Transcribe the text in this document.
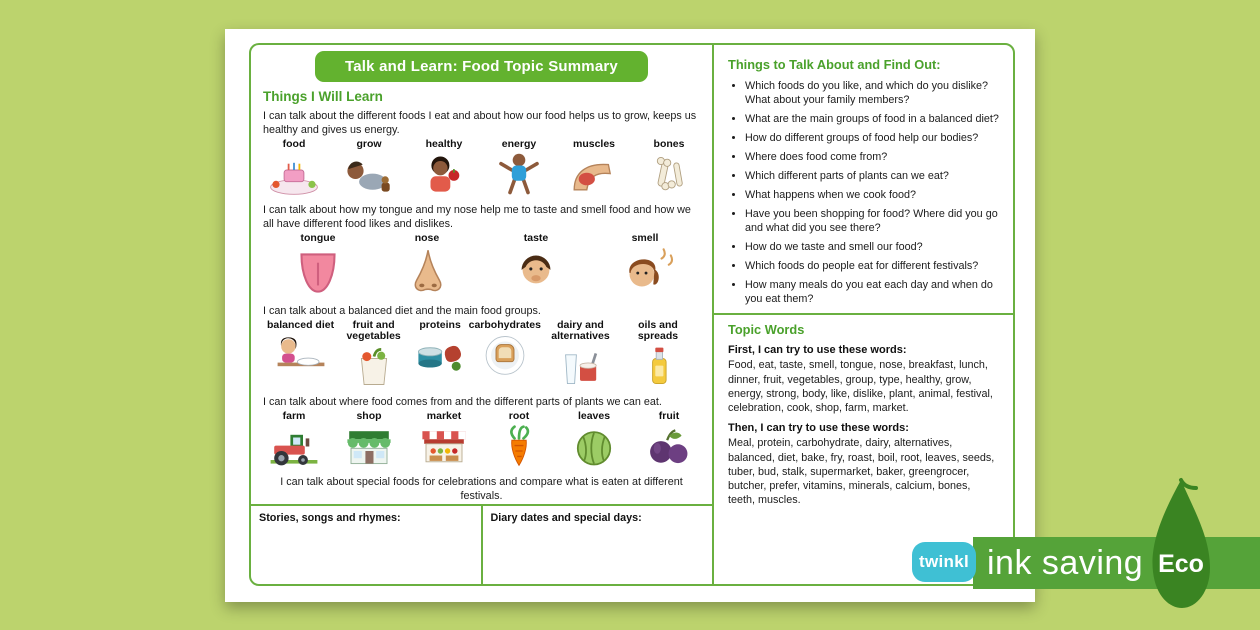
Talk and Learn: Food Topic Summary
Things I Will Learn

I can talk about the different foods I eat and about how our food helps us to grow, keeps us healthy and gives us energy.

food	grow	healthy	energy	muscles	bones

I can talk about how my tongue and my nose help me to taste and smell food and how we all have different food likes and dislikes.

tongue	nose	taste	smell

I can talk about a balanced diet and the main food groups.

balanced diet	fruit and vegetables
proteins carbohydrates	dairy and alternatives
oils and spreads

I can talk about where food comes from and the different parts of plants we can eat.

farm	shop	market	root	leaves	fruit

I can talk about special foods for celebrations and compare what is eaten at different festivals.

Stories, songs and rhymes:	Diary dates and special days:
Things to Talk About and Find Out:
• Which foods do you like, and which do you dislike? What about your family members?
• What are the main groups of food in a balanced diet?
• How do different groups of food help our bodies?
• Where does food come from?
• Which different parts of plants can we eat?
• What happens when we cook food?
• Have you been shopping for food? Where did you go and what did you see there?
• How do we taste and smell our food?
• Which foods do people eat for different festivals?
• How many meals do you eat each day and when do you eat them?
Topic Words

First, I can try to use these words:

Food, eat, taste, smell, tongue, nose, breakfast, lunch, dinner, fruit, vegetables, group, type, healthy, grow, energy, strong, body, like, dislike, plant, animal, festival, celebration, cook, shop, farm, market.

Then, I can try to use these words:

Meal, protein, carbohydrate, dairy, alternatives, balanced, diet, bake, fry, roast, boil, root, leaves, seeds, tuber, bud, stalk, supermarket, baker, greengrocer, butcher, prefer, vitamins, minerals, calcium, bones, teeth, muscles.

ink saving
twinkl	Eco
